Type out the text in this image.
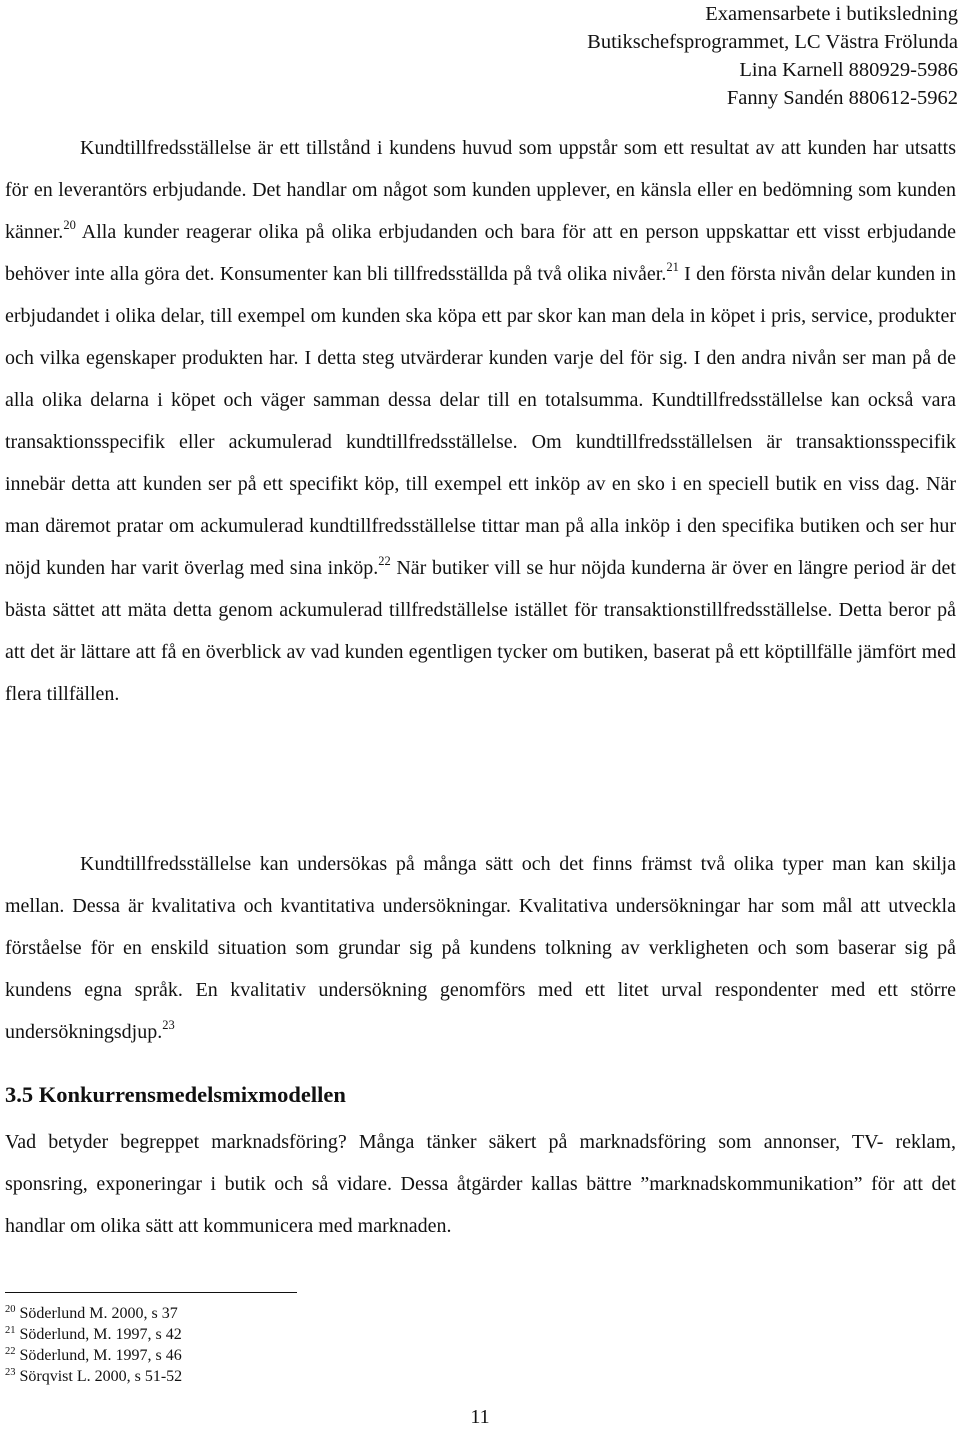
Examensarbete i butiksledning
Butikschefsprogrammet, LC Västra Frölunda
Lina Karnell 880929-5986
Fanny Sandén 880612-5962

Kundtillfredsställelse är ett tillstånd i kundens huvud som uppstår som ett resultat av att kunden har utsatts för en leverantörs erbjudande. Det handlar om något som kunden upplever, en känsla eller en bedömning som kunden känner.$^{20}$ Alla kunder reagerar olika på olika erbjudanden och bara för att en person uppskattar ett visst erbjudande behöver inte alla göra det. Konsumenter kan bli tillfredsställda på två olika nivåer.$^{21}$ I den första nivån delar kunden in erbjudandet i olika delar, till exempel om kunden ska köpa ett par skor kan man dela in köpet i pris, service, produkter och vilka egenskaper produkten har. I detta steg utvärderar kunden varje del för sig. I den andra nivån ser man på de alla olika delarna i köpet och väger samman dessa delar till en totalsumma. Kundtillfredsställelse kan också vara transaktionsspecifik eller ackumulerad kundtillfredsställelse. Om kundtillfredsställelsen är transaktionsspecifik innebär detta att kunden ser på ett specifikt köp, till exempel ett inköp av en sko i en speciell butik en viss dag. När man däremot pratar om ackumulerad kundtillfredsställelse tittar man på alla inköp i den specifika butiken och ser hur nöjd kunden har varit överlag med sina inköp.$^{22}$ När butiker vill se hur nöjda kunderna är över en längre period är det bästa sättet att mäta detta genom ackumulerad tillfredställelse istället för transaktionstillfredsställelse. Detta beror på att det är lättare att få en överblick av vad kunden egentligen tycker om butiken, baserat på ett köptillfälle jämfört med flera tillfällen.

Kundtillfredsställelse kan undersökas på många sätt och det finns främst två olika typer man kan skilja mellan. Dessa är kvalitativa och kvantitativa undersökningar. Kvalitativa undersökningar har som mål att utveckla förståelse för en enskild situation som grundar sig på kundens tolkning av verkligheten och som baserar sig på kundens egna språk. En kvalitativ undersökning genomförs med ett litet urval respondenter med ett större undersökningsdjup.$^{23}$

3.5 Konkurrensmedelsmixmodellen

Vad betyder begreppet marknadsföring? Många tänker säkert på marknadsföring som annonser, TV- reklam, sponsring, exponeringar i butik och så vidare. Dessa åtgärder kallas bättre ”marknadskommunikation” för att det handlar om olika sätt att kommunicera med marknaden.

$^{20}$ Söderlund M. 2000, s 37
$^{21}$ Söderlund, M. 1997, s 42
$^{22}$ Söderlund, M. 1997, s 46
$^{23}$ Sörqvist L. 2000, s 51-52
11
